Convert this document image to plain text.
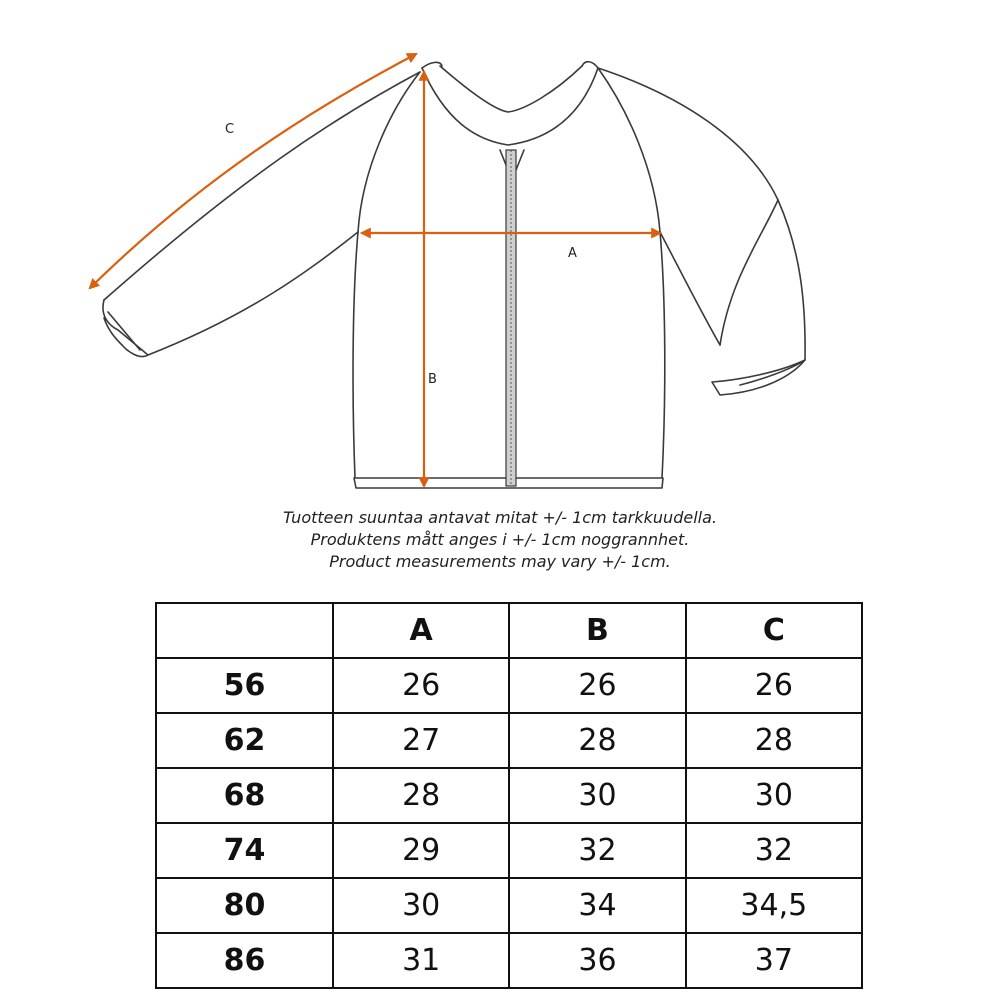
A
B
C
Tuotteen suuntaa antavat mitat +/- 1cm tarkkuudella.
Produktens mått anges i +/- 1cm noggrannhet.
Product measurements may vary +/- 1cm.
	A	B	C
56	26	26	26
62	27	28	28
68	28	30	30
74	29	32	32
80	30	34	34,5
86	31	36	37
